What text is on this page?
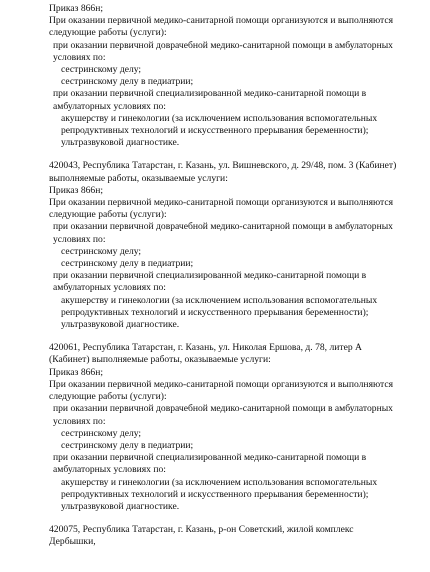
Приказ 866н;

При оказании первичной медико-санитарной помощи организуются и выполняются следующие работы (услуги):

при оказании первичной доврачебной медико-санитарной помощи в амбулаторных условиях по:

сестринскому делу;

сестринскому делу в педиатрии;

при оказании первичной специализированной медико-санитарной помощи в амбулаторных условиях по:

акушерству и гинекологии (за исключением использования вспомогательных репродуктивных технологий и искусственного прерывания беременности);

ультразвуковой диагностике.

420043, Республика Татарстан, г. Казань, ул. Вишневского, д. 29/48, пом. 3 (Кабинет) выполняемые работы, оказываемые услуги:

Приказ 866н;

При оказании первичной медико-санитарной помощи организуются и выполняются следующие работы (услуги):

при оказании первичной доврачебной медико-санитарной помощи в амбулаторных условиях по:

сестринскому делу;

сестринскому делу в педиатрии;

при оказании первичной специализированной медико-санитарной помощи в амбулаторных условиях по:

акушерству и гинекологии (за исключением использования вспомогательных репродуктивных технологий и искусственного прерывания беременности);

ультразвуковой диагностике.

420061, Республика Татарстан, г. Казань, ул. Николая Ершова, д. 78, литер А (Кабинет) выполняемые работы, оказываемые услуги:

Приказ 866н;

При оказании первичной медико-санитарной помощи организуются и выполняются следующие работы (услуги):

при оказании первичной доврачебной медико-санитарной помощи в амбулаторных условиях по:

сестринскому делу;

сестринскому делу в педиатрии;

при оказании первичной специализированной медико-санитарной помощи в амбулаторных условиях по:

акушерству и гинекологии (за исключением использования вспомогательных репродуктивных технологий и искусственного прерывания беременности);

ультразвуковой диагностике.

420075, Республика Татарстан, г. Казань, р-он Советский, жилой комплекс Дербышки,
